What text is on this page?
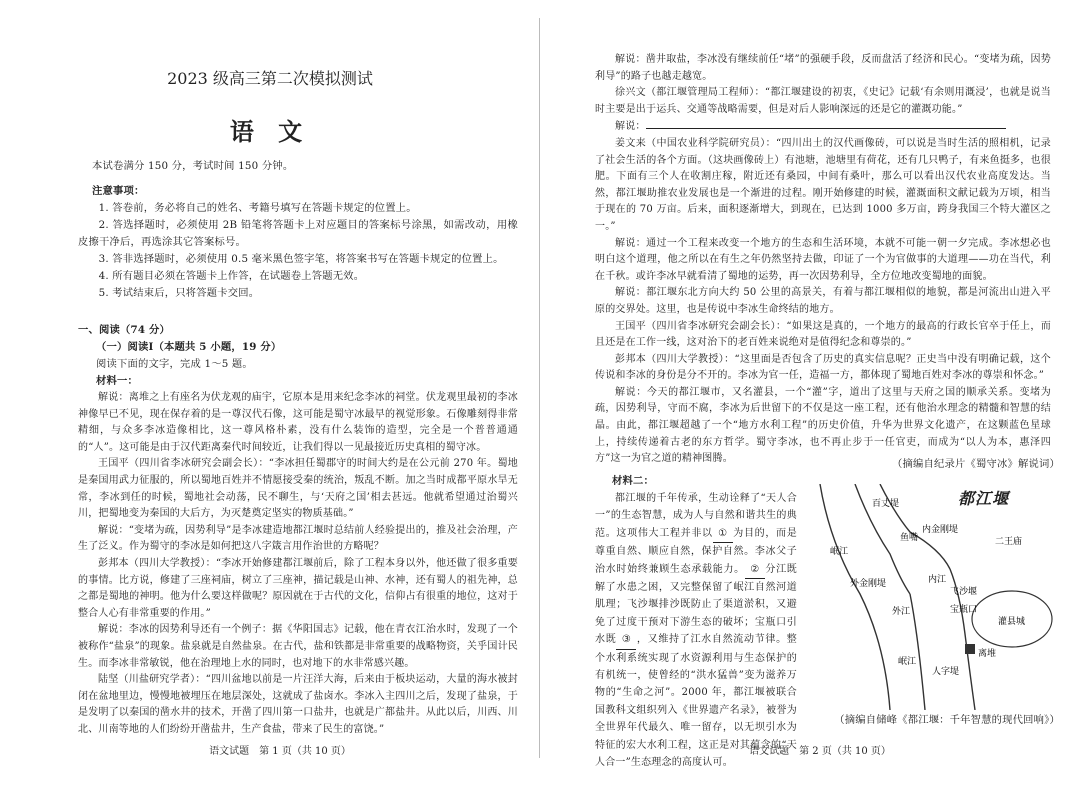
2023 级高三第二次模拟测试
语 文
本试卷满分 150 分，考试时间 150 分钟。
注意事项：

1. 答卷前，务必将自己的姓名、考籍号填写在答题卡规定的位置上。

2. 答选择题时，必须使用 2B 铅笔将答题卡上对应题目的答案标号涂黑，如需改动，用橡皮擦干净后，再选涂其它答案标号。

3. 答非选择题时，必须使用 0.5 毫米黑色签字笔，将答案书写在答题卡规定的位置上。

4. 所有题目必须在答题卡上作答，在试题卷上答题无效。

5. 考试结束后，只将答题卡交回。

一、阅读（74 分）
（一）阅读Ⅰ（本题共 5 小题，19 分）
阅读下面的文字，完成 1～5 题。
材料一：

解说：离堆之上有座名为伏龙观的庙宇，它原本是用来纪念李冰的祠堂。伏龙观里最初的李冰神像早已不见，现在保存着的是一尊汉代石像，这可能是蜀守冰最早的视觉形象。石像雕刻得非常精细，与众多李冰造像相比，这一尊风格朴素，没有什么装饰的造型，完全是一个普普通通的“人”。这可能是由于汉代距离秦代时间较近，让我们得以一见最接近历史真相的蜀守冰。

王国平（四川省李冰研究会副会长）：“李冰担任蜀郡守的时间大约是在公元前 270 年。蜀地是秦国用武力征服的，所以蜀地百姓并不情愿接受秦的统治，叛乱不断。加之当时成都平原水旱无常，李冰到任的时候，蜀地社会动荡，民不聊生，与‘天府之国’相去甚远。他就希望通过治蜀兴川，把蜀地变为秦国的大后方，为灭楚奠定坚实的物质基础。”

解说：“变堵为疏，因势利导”是李冰建造地都江堰时总结前人经验提出的，推及社会治理，产生了泛义。作为蜀守的李冰是如何把这八字箴言用作治世的方略呢？

彭邦本（四川大学教授）：“李冰开始修建都江堰前后，除了工程本身以外，他还做了很多重要的事情。比方说，修建了三座祠庙，树立了三座神，描记载是山神、水神，还有蜀人的祖先神，总之都是蜀地的神明。他为什么要这样做呢？原因就在于古代的文化，信仰占有很重的地位，这对于整合人心有非常重要的作用。”

解说：李冰的因势利导还有一个例子：据《华阳国志》记载，他在青衣江治水时，发现了一个被称作“盐泉”的现象。盐泉就是自然盐泉。在古代，盐和铁都是非常重要的战略物资，关乎国计民生。而李冰非常敏锐，他在治理地上水的同时，也对地下的水非常感兴趣。

陆坚（川盐研究学者）：“四川盆地以前是一片汪洋大海，后来由于板块运动，大量的海水被封闭在盆地里边，慢慢地被埋压在地层深处，这就成了盐卤水。李冰入主四川之后，发现了盐泉，于是发明了以秦国的凿水井的技术，开凿了四川第一口盐井，也就是广都盐井。从此以后，川西、川北、川南等地的人们纷纷开凿盐井，生产食盐，带来了民生的富饶。”

语文试题　第 1 页（共 10 页）

解说：凿井取盐，李冰没有继续前任“堵”的强硬手段，反而盘活了经济和民心。“变堵为疏，因势利导”的路子也越走越宽。

徐兴文（都江堰管理局工程师）：“都江堰建设的初衷，《史记》记载‘有余则用溉浸’，也就是说当时主要是出于运兵、交通等战略需要，但是对后人影响深远的还是它的灌溉功能。”

解说：

姜文来（中国农业科学院研究员）：“四川出土的汉代画像砖，可以说是当时生活的照相机，记录了社会生活的各个方面。（这块画像砖上）有池塘，池塘里有荷花，还有几只鸭子，有来鱼挺多，也很肥。下面有三个人在收割庄稼，附近还有桑园，中间有桑叶，那么可以看出汉代农业高度发达。当然，都江堰助推农业发展也是一个渐进的过程。刚开始修建的时候，灌溉面积文献记载为万顷，相当于现在的 70 万亩。后来，面积逐渐增大，到现在，已达到 1000 多万亩，跨身我国三个特大灌区之一。”

解说：通过一个工程来改变一个地方的生态和生活环境，本就不可能一朝一夕完成。李冰想必也明白这个道理，他之所以在有生之年仍然坚持去做，印证了一个为官做事的大道理——功在当代，利在千秋。或许李冰早就看清了蜀地的运势，再一次因势利导，全方位地改变蜀地的面貌。

解说：都江堰东北方向大约 50 公里的高景关，有着与都江堰相似的地貌，都是河流出山进入平原的交界处。这里，也是传说中李冰生命终结的地方。

王国平（四川省李冰研究会副会长）：“如果这是真的，一个地方的最高的行政长官卒于任上，而且还是在工作一线，这对治下的老百姓来说绝对是值得纪念和尊崇的。”

彭邦本（四川大学教授）：“这里面是否包含了历史的真实信息呢？正史当中没有明确记载，这个传说和李冰的身份是分不开的。李冰为官一任，造福一方，都体现了蜀地百姓对李冰的尊崇和怀念。”

解说：今天的都江堰市，又名灌县，一个“灌”字，道出了这里与天府之国的顺承关系。变堵为疏，因势利导，守而不腐，李冰为后世留下的不仅是这一座工程，还有他治水理念的精髓和智慧的结晶。由此，都江堰超越了一个“地方水利工程”的历史价值，升华为世界文化遗产，在这颗蓝色星球上，持续传递着古老的东方哲学。蜀守李冰，也不再止步于一任官吏，而成为“以人为本，惠泽四方”这一为官之道的精神图腾。	（摘编自纪录片《蜀守冰》解说词）
材料二：

都江堰的千年传承，生动诠释了“天人合一”的生态智慧，成为人与自然和谐共生的典范。这项伟大工程并非以 ① 为目的，而是尊重自然、顺应自然，保护自然。李冰父子治水时始终兼顾生态承载能力。 ② 分江既解了水患之困，又完整保留了岷江自然河道肌理；飞沙堰排沙既防止了渠道淤积，又避免了过度干预对下游生态的破坏；宝瓶口引水既 ③ ，又维持了江水自然流动节律。整个水利系统实现了水资源利用与生态保护的有机统一，使曾经的“洪水猛兽”变为滋养万物的“生命之河”。2000 年，都江堰被联合国教科文组织列入《世界遗产名录》，被誉为全世界年代最久、唯一留存，以无坝引水为特征的宏大水利工程，这正是对其蕴含的“天人合一”生态理念的高度认可。

（摘编自储峰《都江堰：千年智慧的现代回响》）
语文试题　第 2 页（共 10 页）
都江堰
百丈堤
鱼嘴
内金刚堤
二王庙
外金刚堤	内江
飞沙堰
宝瓶口
外江
灌县城
岷江
人字堤
离堆
岷江
